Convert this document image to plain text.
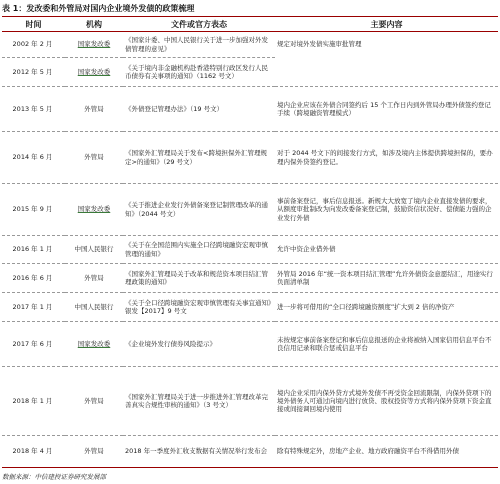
表 1：发改委和外管局对国内企业境外发债的政策梳理
时间	机构	文件或官方表态	主要内容
2002 年 2 月	国家发改委	《国家计委、中国人民银行关于进一步加强对外发债管理的意见》	规定对境外发债实施审批管理
2012 年 5 月	国家发改委	《关于境内非金融机构赴香港特别行政区发行人民币债券有关事项的通知》（1162 号文）	
2013 年 5 月	外管局	《外债登记管理办法》（19 号文）	境内企业应该在外债合同签约后 15 个工作日内到外管局办理外债签约登记手续（跨境融资管理模式）
2014 年 6 月	外管局	《国家外汇管理局关于发布<跨境担保外汇管理规定>的通知》（29 号文）	对于 2044 号文下的间接发行方式，如涉及境内主体提供跨境担保的，要办理内保外贷签约登记。
2015 年 9 月	国家发改委	《关于推进企业发行外债备案登记制管理改革的通知》（2044 号文）	事前备案登记，事后信息报送。新规大大放宽了境内企业直接发债的要求，从额度审批制改为向发改委备案登记制，鼓励资信状况好、偿债能力强的企业发行外债
2016 年 1 月	中国人民银行	《关于在全国范围内实施全口径跨境融资宏观审慎管理的通知》	允许中资企业借外债
2016 年 6 月	外管局	《国家外汇管理局关于改革和规范资本项目结汇管理政策的通知》	外管局 2016 年“统一资本项目结汇管理”允许外债资金意愿结汇，用途实行负面清单制
2017 年 1 月	中国人民银行	《关于全口径跨境融资宏观审慎管理有关事宜通知》银发【2017】9 号文	进一步将可借用的“全口径跨境融资额度”扩大到 2 倍的净资产
2017 年 6 月	国家发改委	《企业境外发行债券风险提示》	未按规定事前备案登记和事后信息报送的企业将被纳入国家信用信息平台不良信用记录和联合惩戒信息平台
2018 年 1 月	外管局	《国家外汇管理局关于进一步推进外汇管理改革完善真实合规性审核的通知》（3 号文）	境内企业采用内保外贷方式境外发债不再受资金回流限制，内保外贷项下的境外债务人可通过向境内进行放贷、股权投资等方式将内保外贷项下资金直接或间接调回境内使用
2018 年 4 月	外管局	2018 年一季度外汇收支数据有关情况举行发布会	除有特殊规定外，房地产企业、地方政府融资平台不得借用外债
数据来源：中信建投证券研究发展部
